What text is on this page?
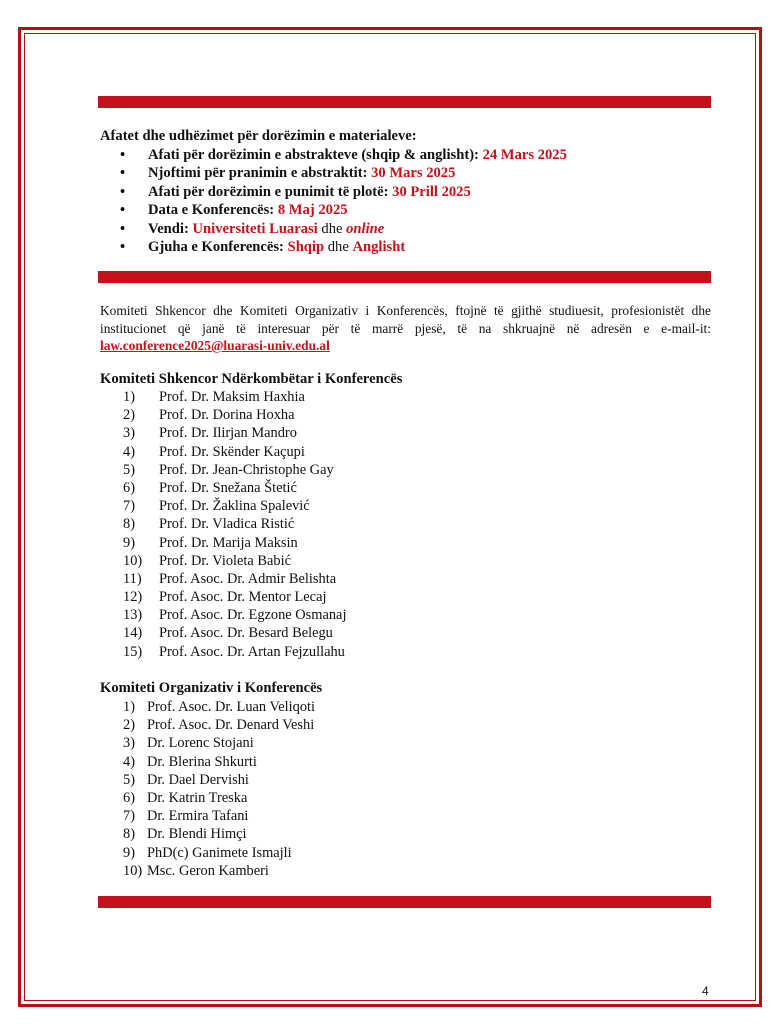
Afatet dhe udhëzimet për dorëzimin e materialeve:
• Afati për dorëzimin e abstrakteve (shqip & anglisht): 24 Mars 2025
• Njoftimi për pranimin e abstraktit: 30 Mars 2025
• Afati për dorëzimin e punimit të plotë: 30 Prill 2025
• Data e Konferencës: 8 Maj 2025
• Vendi: Universiteti Luarasi dhe online
• Gjuha e Konferencës: Shqip dhe Anglisht
Komiteti Shkencor dhe Komiteti Organizativ i Konferencës, ftojnë të gjithë studiuesit, profesionistët dhe institucionet që janë të interesuar për të marrë pjesë, të na shkruajnë në adresën e e-mail-it: law.conference2025@luarasi-univ.edu.al
Komiteti Shkencor Ndërkombëtar i Konferencës
1) Prof. Dr. Maksim Haxhia
2) Prof. Dr. Dorina Hoxha
3) Prof. Dr. Ilirjan Mandro
4) Prof. Dr. Skënder Kaçupi
5) Prof. Dr. Jean-Christophe Gay
6) Prof. Dr. Snežana Štetić
7) Prof. Dr. Žaklina Spalević
8) Prof. Dr. Vladica Ristić
9) Prof. Dr. Marija Maksin
10) Prof. Dr. Violeta Babić
11) Prof. Asoc. Dr. Admir Belishta
12) Prof. Asoc. Dr. Mentor Lecaj
13) Prof. Asoc. Dr. Egzone Osmanaj
14) Prof. Asoc. Dr. Besard Belegu
15) Prof. Asoc. Dr. Artan Fejzullahu
Komiteti Organizativ i Konferencës
1) Prof. Asoc. Dr. Luan Veliqoti
2) Prof. Asoc. Dr. Denard Veshi
3) Dr. Lorenc Stojani
4) Dr. Blerina Shkurti
5) Dr. Dael Dervishi
6) Dr. Katrin Treska
7) Dr. Ermira Tafani
8) Dr. Blendi Himçi
9) PhD(c) Ganimete Ismajli
10) Msc. Geron Kamberi
4
